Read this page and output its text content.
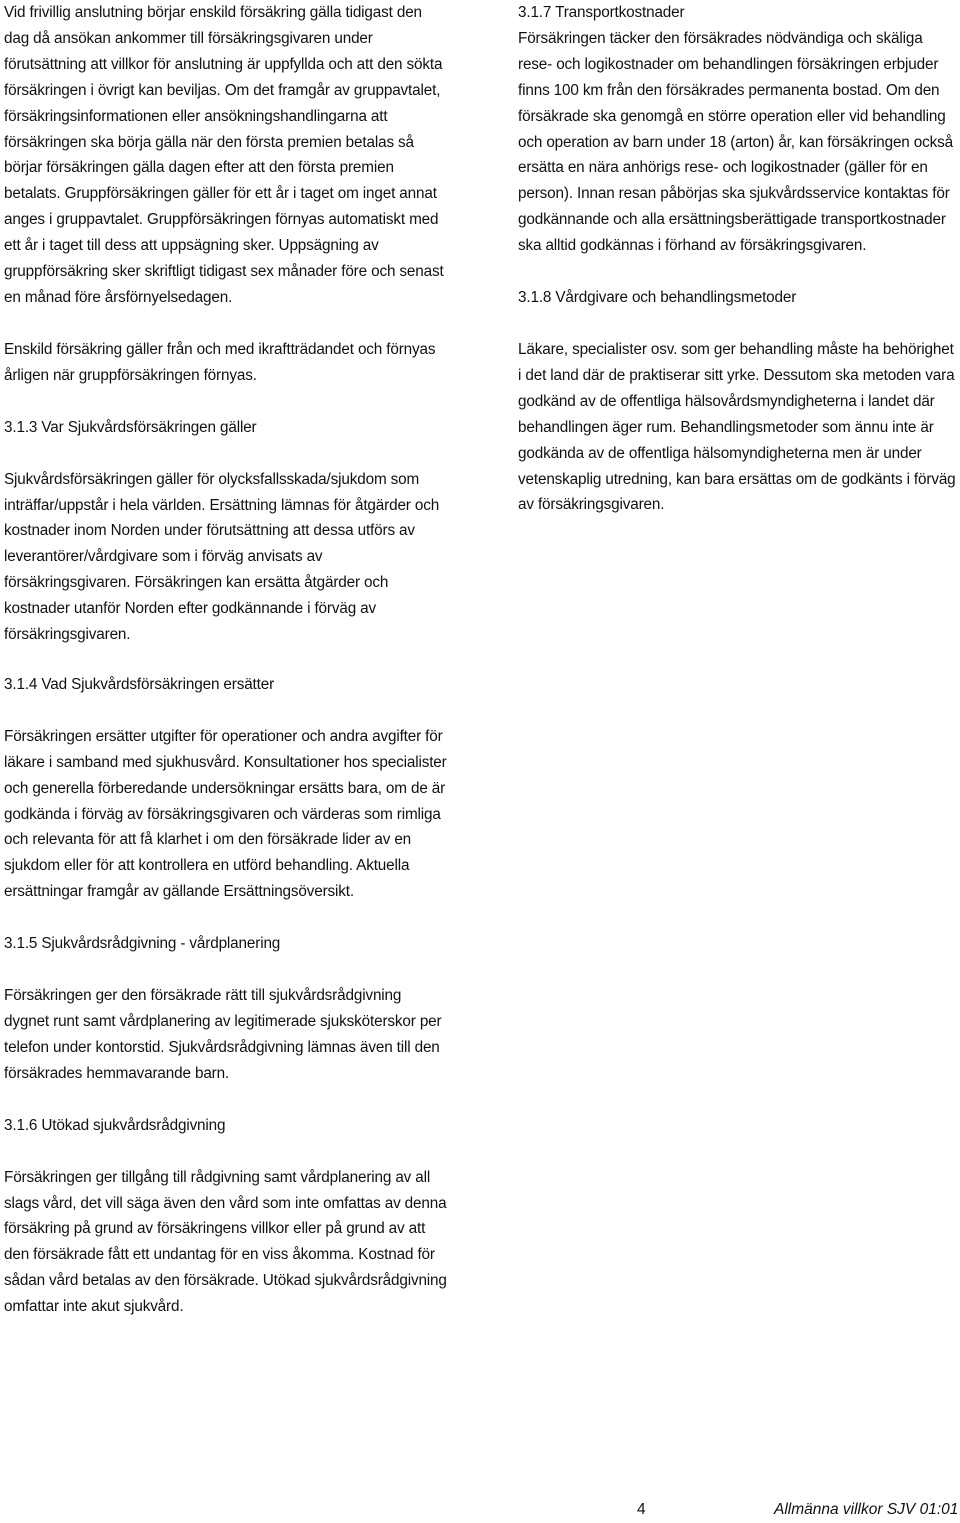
Vid frivillig anslutning börjar enskild försäkring gälla tidigast den dag då ansökan ankommer till försäkringsgivaren under förutsättning att villkor för anslutning är uppfyllda och att den sökta försäkringen i övrigt kan beviljas. Om det framgår av gruppavtalet, försäkringsinformationen eller ansökningshandlingarna att försäkringen ska börja gälla när den första premien betalas så börjar försäkringen gälla dagen efter att den första premien betalats. Gruppförsäkringen gäller för ett år i taget om inget annat anges i gruppavtalet. Gruppförsäkringen förnyas automatiskt med ett år i taget till dess att uppsägning sker. Uppsägning av gruppförsäkring sker skriftligt tidigast sex månader före och senast en månad före årsförnyelsedagen.

Enskild försäkring gäller från och med ikraftträdandet och förnyas årligen när gruppförsäkringen förnyas.

3.1.3 Var Sjukvårdsförsäkringen gäller

Sjukvårdsförsäkringen gäller för olycksfallsskada/sjukdom som inträffar/uppstår i hela världen. Ersättning lämnas för åtgärder och kostnader inom Norden under förutsättning att dessa utförs av leverantörer/vårdgivare som i förväg anvisats av försäkringsgivaren. Försäkringen kan ersätta åtgärder och kostnader utanför Norden efter godkännande i förväg av försäkringsgivaren.

3.1.4 Vad Sjukvårdsförsäkringen ersätter

Försäkringen ersätter utgifter för operationer och andra avgifter för läkare i samband med sjukhusvård. Konsultationer hos specialister och generella förberedande undersökningar ersätts bara, om de är godkända i förväg av försäkringsgivaren och värderas som rimliga och relevanta för att få klarhet i om den försäkrade lider av en sjukdom eller för att kontrollera en utförd behandling. Aktuella ersättningar framgår av gällande Ersättningsöversikt.

3.1.5 Sjukvårdsrådgivning - vårdplanering

Försäkringen ger den försäkrade rätt till sjukvårdsrådgivning dygnet runt samt vårdplanering av legitimerade sjuksköterskor per telefon under kontorstid. Sjukvårdsrådgivning lämnas även till den försäkrades hemmavarande barn.

3.1.6 Utökad sjukvårdsrådgivning

Försäkringen ger tillgång till rådgivning samt vårdplanering av all slags vård, det vill säga även den vård som inte omfattas av denna försäkring på grund av försäkringens villkor eller på grund av att den försäkrade fått ett undantag för en viss åkomma. Kostnad för sådan vård betalas av den försäkrade. Utökad sjukvårdsrådgivning omfattar inte akut sjukvård.

3.1.7 Transportkostnader

Försäkringen täcker den försäkrades nödvändiga och skäliga rese- och logikostnader om behandlingen försäkringen erbjuder finns 100 km från den försäkrades permanenta bostad. Om den försäkrade ska genomgå en större operation eller vid behandling och operation av barn under 18 (arton) år, kan försäkringen också ersätta en nära anhörigs rese- och logikostnader (gäller för en person). Innan resan påbörjas ska sjukvårdsservice kontaktas för godkännande och alla ersättningsberättigade transportkostnader ska alltid godkännas i förhand av försäkringsgivaren.

3.1.8 Vårdgivare och behandlingsmetoder

Läkare, specialister osv. som ger behandling måste ha behörighet i det land där de praktiserar sitt yrke. Dessutom ska metoden vara godkänd av de offentliga hälsovårdsmyndigheterna i landet där behandlingen äger rum. Behandlingsmetoder som ännu inte är godkända av de offentliga hälsomyndigheterna men är under vetenskaplig utredning, kan bara ersättas om de godkänts i förväg av försäkringsgivaren.

4	Allmänna villkor SJV 01:01
